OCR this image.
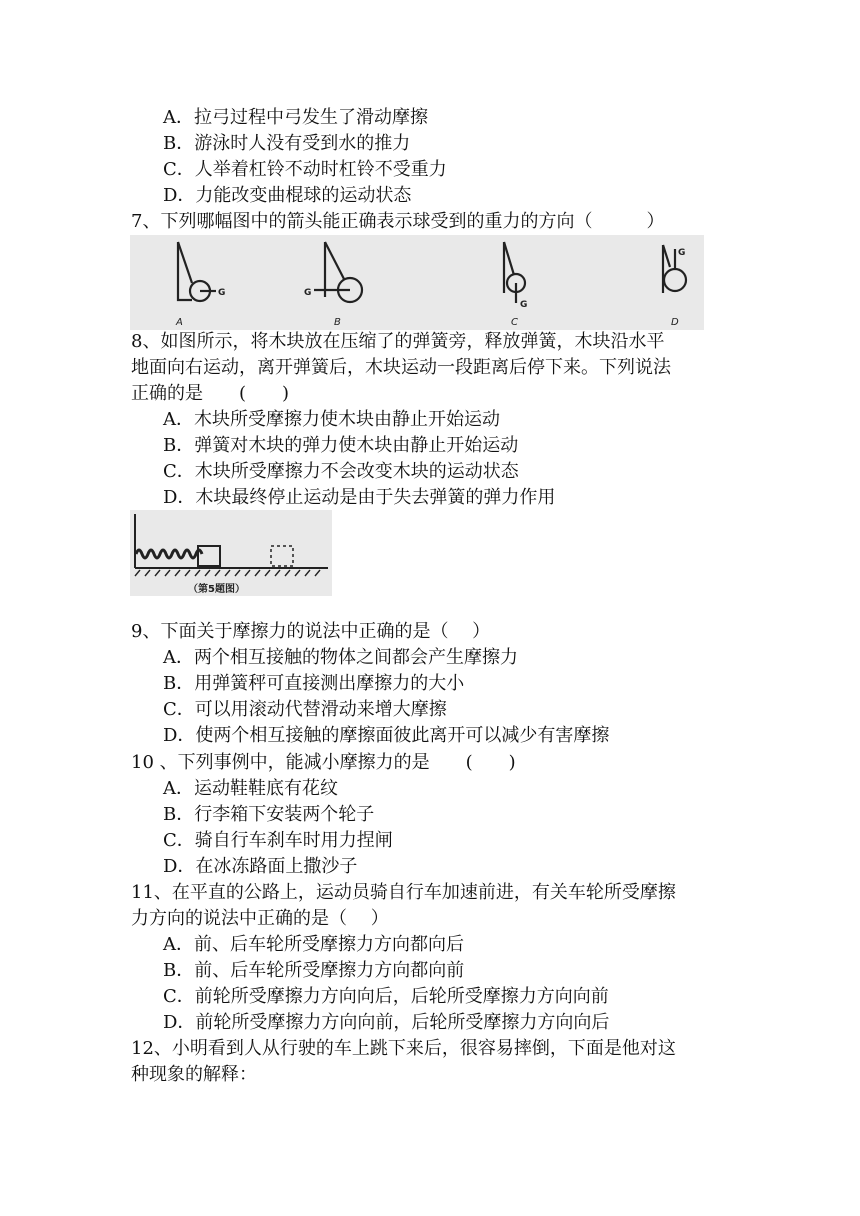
A．拉弓过程中弓发生了滑动摩擦
B．游泳时人没有受到水的推力
C．人举着杠铃不动时杠铃不受重力
D．力能改变曲棍球的运动状态
7、下列哪幅图中的箭头能正确表示球受到的重力的方向（　　　）
G	G
G
G
A	B	C	D
8、如图所示，将木块放在压缩了的弹簧旁，释放弹簧，木块沿水平
地面向右运动，离开弹簧后，木块运动一段距离后停下来。下列说法
正确的是　　(　　)
A．木块所受摩擦力使木块由静止开始运动
B．弹簧对木块的弹力使木块由静止开始运动
C．木块所受摩擦力不会改变木块的运动状态
D．木块最终停止运动是由于失去弹簧的弹力作用
（第5题图）
9、下面关于摩擦力的说法中正确的是（　 ）
A．两个相互接触的物体之间都会产生摩擦力
B．用弹簧秤可直接测出摩擦力的大小
C．可以用滚动代替滑动来增大摩擦
D．使两个相互接触的摩擦面彼此离开可以减少有害摩擦
10 、下列事例中，能减小摩擦力的是　　(　　)
A．运动鞋鞋底有花纹
B．行李箱下安装两个轮子
C．骑自行车刹车时用力捏闸
D．在冰冻路面上撒沙子
11、在平直的公路上，运动员骑自行车加速前进，有关车轮所受摩擦
力方向的说法中正确的是（　 ）
A．前、后车轮所受摩擦力方向都向后
B．前、后车轮所受摩擦力方向都向前
C．前轮所受摩擦力方向向后，后轮所受摩擦力方向向前
D．前轮所受摩擦力方向向前，后轮所受摩擦力方向向后
12、小明看到人从行驶的车上跳下来后，很容易摔倒，下面是他对这
种现象的解释：
